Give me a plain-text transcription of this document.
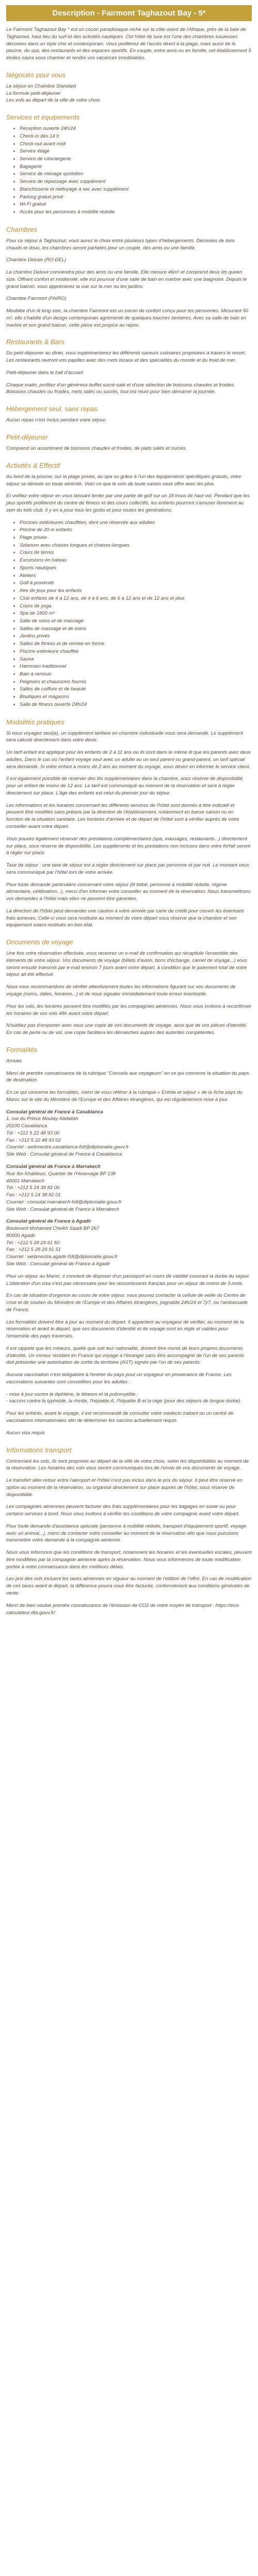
Description - Fairmont Taghazout Bay - 5*

Le Fairmont Taghazout Bay * est un cocon paradisiaque niché sur la côte ouest de l'Afrique, près de la baie de Taghazout, haut lieu du surf et des activités nautiques. Cet hôtel de luxe est l'une des chambres luxueuses décorées dans un style chic et contemporain. Vous profiterez de l'accès direct à la plage, mais aussi de la piscine, du spa, des restaurants et des espaces sportifs. En couple, entre amis ou en famille, cet établissement 5 étoiles saura vous charmer et rendre vos vacances inoubliables.

Négociés pour vous

Le séjour en Chambre Standard

La formule petit-déjeuner

Les vols au départ de la ville de votre choix

Services et équipements
• Réception ouverte 24h/24
• Check-in dès 14 h
• Check-out avant midi
• Service étage
• Service de conciergerie
• Bagagerie
• Service de ménage quotidien
• Service de repassage avec supplément
• Blanchisserie et nettoyage à sec avec supplément
• Parking gratuit privé
• Wi-Fi gratuit
• Accès pour les personnes à mobilité réduite
Chambres

Pour ce séjour à Taghazout, vous aurez le choix entre plusieurs types d'hébergements. Décorées de tons chauds et doux, les chambres seront parfaites pour un couple, des amis ou une famille.

Chambre Deluxe (RO-DEL)

La chambre Deluxe conviendra pour des amis ou une famille. Elle mesure 46m² et comprend deux lits queen size. Offrant confort et modernité, elle est pourvue d'une salle de bain en marbre avec une baignoire. Depuis le grand balcon, vous apprécierez la vue sur la mer ou les jardins.

Chambre Fairmont (FAIRO)

Meublée d'un lit king size, la chambre Fairmont est un cocon de confort conçu pour les personnes. Mesurant 50 m², elle s'habille d'un design contemporain agrémenté de quelques touches berbères. Avec sa salle de bain en marbre et son grand balcon, cette pièce est propice au repos.

Restaurants & Bars

Du petit-déjeuner au dîner, vous expérimenterez les différents saveurs culinaires proposées à travers le resort. Les restaurants raviront vos papilles avec des mets locaux et des spécialités du monde et du froid de mer.

Petit-déjeuner dans le hall d'accueil

Chaque matin, profitez d'un généreux buffet sucré-salé et d'une sélection de boissons chaudes et froides. Boissons chaudes ou froides, mets salés ou sucrés, tout est réuni pour bien démarrer la journée.

Hébergement seul, sans repas

Aucun repas n'est inclus pendant votre séjour.

Petit-déjeuner

Comprend un assortiment de boissons chaudes et froides, de plats salés et sucrés.

Activités & Effectif

Au bord de la piscine, sur la plage privée, au spa ou grâce à l'un des équipements spécifiques gratuits, votre séjour se déroule en toute sérénité. Voici ce que le soin de toute saison vous offre avec les plus.

Et vivifiez votre séjour en vous laissant tenter par une partie de golf sur un 18 trous de haut vol. Pendant que les plus sportifs profiteront du centre de fitness et des cours collectifs, les enfants pourront s'amuser librement au sein du kids club. Il y en a pour tous les goûts et pour toutes les générations.

• Piscines extérieures chauffées, dont une réservée aux adultes
• Piscine de 20 m enfants
• Plage privée
• Solarium avec chaises longues et chaises-longues
• Cours de tennis
• Excursions en bateau
• Sports nautiques
• Ateliers
• Golf à proximité
• Aire de jeux pour les enfants
• Club enfants de 4 à 12 ans, de 4 à 6 ans, de 6 à 12 ans et de 12 ans et plus
• Cours de yoga
• Spa de 1800 m²
• Salle de soins et de massage
• Salles de massage et de soins
• Jardins privés
• Salles de fitness et de remise en forme
• Piscine extérieure chauffée
• Sauna
• Hammam traditionnel
• Bain à remous
• Peignoirs et chaussons fournis
• Salles de coiffure et de beauté
• Boutiques et magasins
• Salle de fitness ouverte 24h/24
Modalités pratiques

Si vous voyagez seul(e), un supplément tarifaire en chambre individuelle vous sera demandé. Le supplément sera calculé directement dans votre devis.

Un tarif enfant est appliqué pour les enfants de 2 à 11 ans ou ils sont dans le même lit que les parents avec deux adultes. Dans le cas où l'enfant voyage seul avec un adulte ou un seul parent ou grand-parent, un tarif spécial sera demandé. Si votre enfant a moins de 2 ans au moment du voyage, vous devez en informer le service client.

Il est également possible de réserver des lits supplémentaires dans la chambre, sous réserve de disponibilité, pour un enfant de moins de 12 ans. Le tarif est communiqué au moment de la réservation et sera à régler directement sur place. L'âge des enfants est celui du premier jour du séjour.

Les informations et les horaires concernant les différents services de l'hôtel sont donnés à titre indicatif et peuvent être modifiés sans préavis par la direction de l'établissement, notamment en basse saison ou en fonction de la situation sanitaire. Les horaires d'arrivée et de départ de l'hôtel sont à vérifier auprès de votre conseiller avant votre départ.

Vous pouvez également réserver des prestations complémentaires (spa, massages, restaurants...) directement sur place, sous réserve de disponibilité. Les suppléments et les prestations non incluses dans votre forfait seront à régler sur place.

Taxe de séjour : une taxe de séjour est à régler directement sur place par personne et par nuit. Le montant vous sera communiqué par l'hôtel lors de votre arrivée.

Pour toute demande particulière concernant votre séjour (lit bébé, personne à mobilité réduite, régime alimentaire, célébration...), merci d'en informer votre conseiller au moment de la réservation. Nous transmettrons vos demandes à l'hôtel mais elles ne peuvent être garanties.

La direction de l'hôtel peut demander une caution à votre arrivée par carte de crédit pour couvrir les éventuels frais annexes. Celle-ci vous sera restituée au moment de votre départ sous réserve que la chambre et son équipement soient restitués en bon état.

Documents de voyage

Une fois votre réservation effectuée, vous recevrez un e-mail de confirmation qui récapitule l'ensemble des éléments de votre séjour. Vos documents de voyage (billets d'avion, bons d'échange, carnet de voyage...) vous seront ensuite transmis par e-mail environ 7 jours avant votre départ, à condition que le paiement total de votre séjour ait été effectué.

Nous vous recommandons de vérifier attentivement toutes les informations figurant sur vos documents de voyage (noms, dates, horaires...) et de nous signaler immédiatement toute erreur éventuelle.

Pour les vols, les horaires peuvent être modifiés par les compagnies aériennes. Nous vous invitons à reconfirmer les horaires de vos vols 48h avant votre départ.

N'oubliez pas d'emporter avec vous une copie de vos documents de voyage, ainsi que de vos pièces d'identité. En cas de perte ou de vol, une copie facilitera les démarches auprès des autorités compétentes.

Formalités

Arrivée

Merci de prendre connaissance de la rubrique "Conseils aux voyageurs" en ce qui concerne la situation du pays de destination.

En ce qui concerne les formalités, merci de vous référer à la rubrique « Entrée et séjour » de la fiche pays du Maroc sur le site du Ministère de l'Europe et des Affaires étrangères, qui est régulièrement mise à jour.

Consulat général de France à Casablanca

1, rue du Prince Moulay Abdallah

20100 Casablanca

Tél : +212 5 22 48 93 00

Fax : +212 5 22 48 93 02

Courriel : webmestre.casablanca-fslt@diplomatie.gouv.fr

Site Web : Consulat général de France à Casablanca

Consulat général de France à Marrakech

Rue Ibn Khaldoun, Quartier de l'Hivernage BP 138

40001 Marrakech

Tél : +212 5 24 38 82 00

Fax : +212 5 24 38 82 01

Courriel : consulat.marrakech-fslt@diplomatie.gouv.fr

Site Web : Consulat général de France à Marrakech

Consulat général de France à Agadir

Boulevard Mohamed Cheikh Saadi BP 267

80000 Agadir

Tél : +212 5 28 29 91 50

Fax : +212 5 28 29 91 51

Courriel : webmestre.agadir-fslt@diplomatie.gouv.fr

Site Web : Consulat général de France à Agadir

Pour un séjour au Maroc, il convient de disposer d'un passeport en cours de validité couvrant la durée du séjour. L'obtention d'un visa n'est pas nécessaire pour les ressortissants français pour un séjour de moins de 3 mois.

En cas de situation d'urgence au cours de votre séjour, vous pouvez contacter la cellule de veille du Centre de crise et de soutien du Ministère de l'Europe et des Affaires étrangères, joignable 24h/24 et 7j/7, ou l'ambassade de France.

Les formalités doivent être à jour au moment du départ. Il appartient au voyageur de vérifier, au moment de la réservation et avant le départ, que ses documents d'identité et de voyage sont en règle et valides pour l'ensemble des pays traversés.

Il est rappelé que les mineurs, quelle que soit leur nationalité, doivent être munis de leurs propres documents d'identité. Un mineur résidant en France qui voyage à l'étranger sans être accompagné de l'un de ses parents doit présenter une autorisation de sortie du territoire (AST) signée par l'un de ses parents.

Aucune vaccination n'est obligatoire à l'entrée du pays pour un voyageur en provenance de France. Les vaccinations suivantes sont conseillées pour les adultes :

- mise à jour contre la diphtérie, le tétanos et la poliomyélite ;

- vaccins contre la typhoïde, la rhinite, l'hépatite A, l'hépatite B et la rage (pour des séjours de longue durée).

Pour les enfants, avant le voyage, il est recommandé de consulter votre médecin traitant ou un centre de vaccinations internationales afin de déterminer les vaccins actuellement requis.

Aucun visa requis

Informations transport

Concernant les vols, ils sont proposés au départ de la ville de votre choix, selon les disponibilités au moment de la réservation. Les horaires des vols vous seront communiqués lors de l'envoi de vos documents de voyage.

Le transfert aller-retour entre l'aéroport et l'hôtel n'est pas inclus dans le prix du séjour. Il peut être réservé en option au moment de la réservation, ou organisé directement sur place auprès de l'hôtel, sous réserve de disponibilité.

Les compagnies aériennes peuvent facturer des frais supplémentaires pour les bagages en soute ou pour certains services à bord. Nous vous invitons à vérifier les conditions de votre compagnie avant votre départ.

Pour toute demande d'assistance spéciale (personne à mobilité réduite, transport d'équipement sportif, voyage avec un animal...), merci de contacter votre conseiller au moment de la réservation afin que nous puissions transmettre votre demande à la compagnie aérienne.

Nous vous informons que les conditions de transport, notamment les horaires et les éventuelles escales, peuvent être modifiées par la compagnie aérienne après la réservation. Nous vous informerons de toute modification portée à notre connaissance dans les meilleurs délais.

Les prix des vols incluent les taxes aériennes en vigueur au moment de l'édition de l'offre. En cas de modification de ces taxes avant le départ, la différence pourra vous être facturée, conformément aux conditions générales de vente.

Merci de bien vouloir prendre connaissance de l'émission de CO2 de votre moyen de transport : https://eco-calculateur.dta.gouv.fr/
